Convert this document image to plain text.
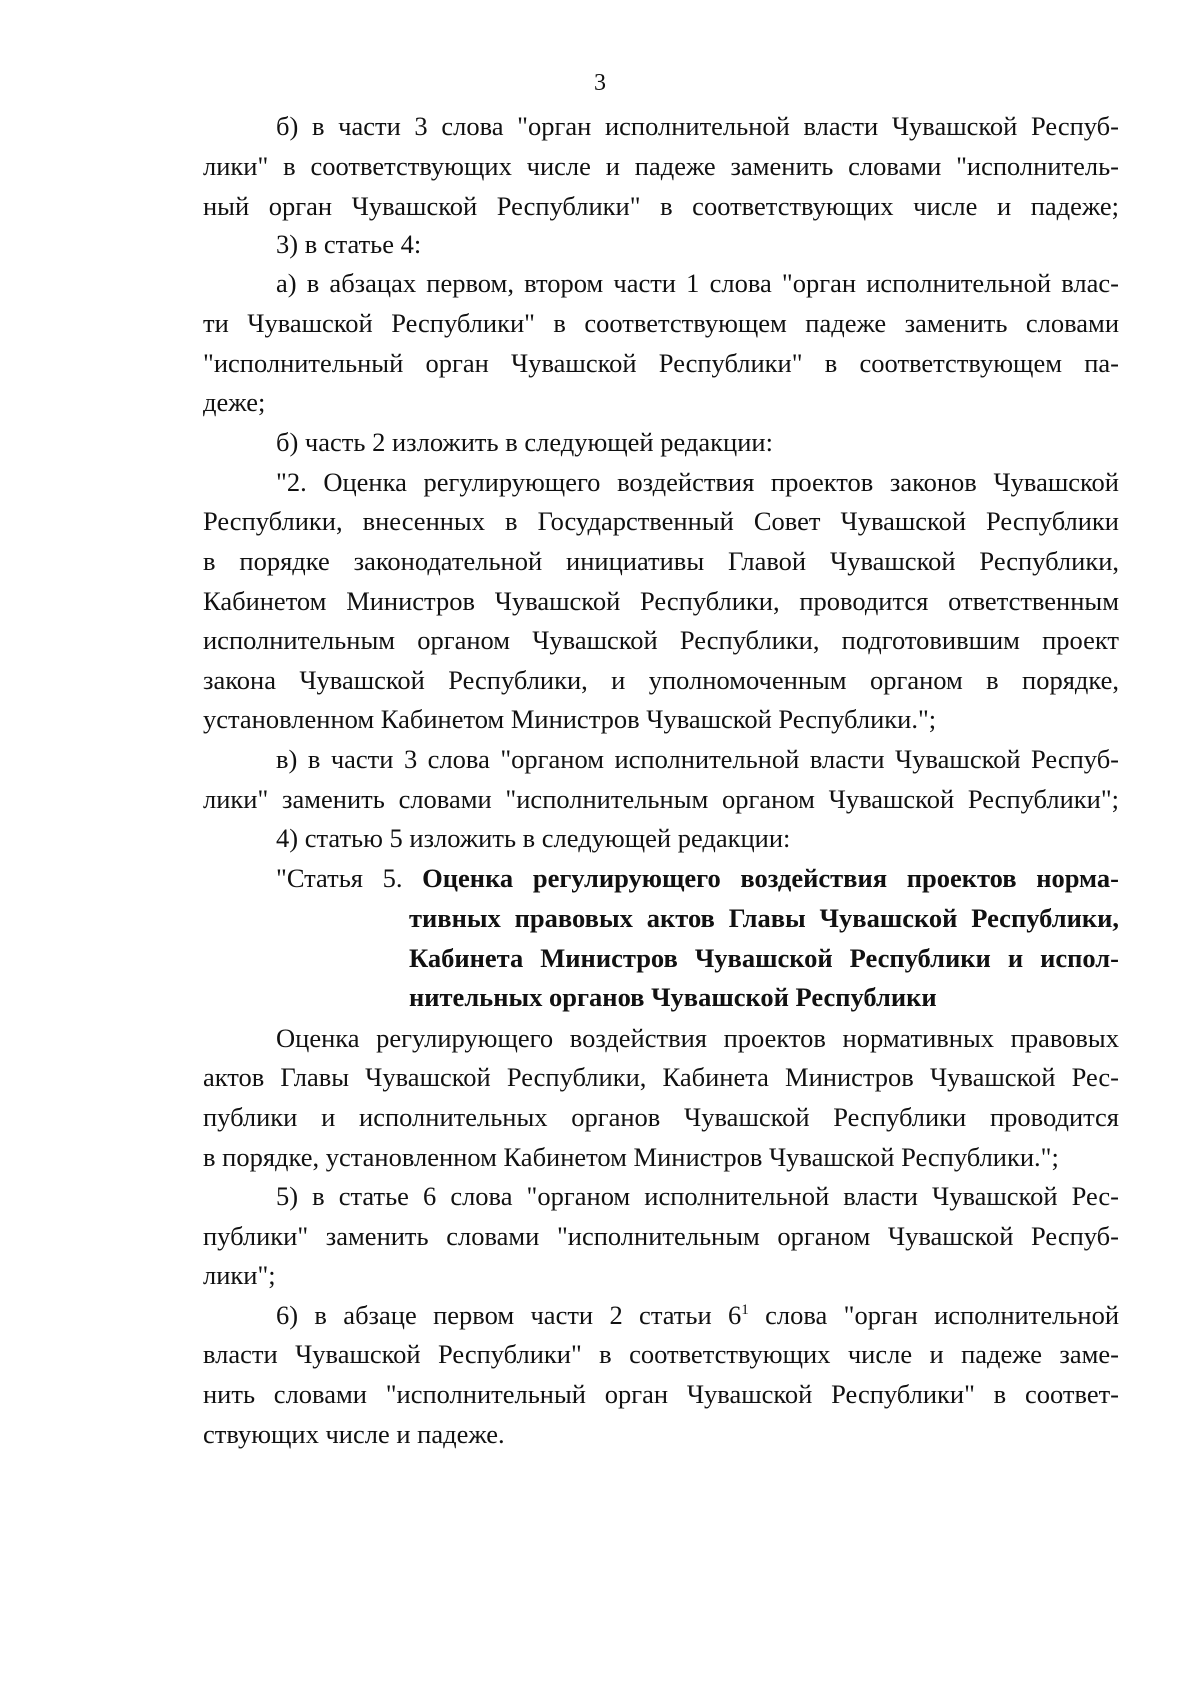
3
б) в части 3 слова "орган исполнительной власти Чувашской Респуб-
лики" в соответствующих числе и падеже заменить словами "исполнитель-
ный орган Чувашской Республики" в соответствующих числе и падеже;
3) в статье 4:
а) в абзацах первом, втором части 1 слова "орган исполнительной влас-
ти Чувашской Республики" в соответствующем падеже заменить словами
"исполнительный орган Чувашской Республики" в соответствующем па-
деже;
б) часть 2 изложить в следующей редакции:
"2. Оценка регулирующего воздействия проектов законов Чувашской
Республики, внесенных в Государственный Совет Чувашской Республики
в порядке законодательной инициативы Главой Чувашской Республики,
Кабинетом Министров Чувашской Республики, проводится ответственным
исполнительным органом Чувашской Республики, подготовившим проект
закона Чувашской Республики, и уполномоченным органом в порядке,
установленном Кабинетом Министров Чувашской Республики.";
в) в части 3 слова "органом исполнительной власти Чувашской Респуб-
лики" заменить словами "исполнительным органом Чувашской Республики";
4) статью 5 изложить в следующей редакции:
"Статья 5. Оценка регулирующего воздействия проектов норма-
тивных правовых актов Главы Чувашской Республики,
Кабинета Министров Чувашской Республики и испол-
нительных органов Чувашской Республики
Оценка регулирующего воздействия проектов нормативных правовых
актов Главы Чувашской Республики, Кабинета Министров Чувашской Рес-
публики и исполнительных органов Чувашской Республики проводится
в порядке, установленном Кабинетом Министров Чувашской Республики.";
5) в статье 6 слова "органом исполнительной власти Чувашской Рес-
публики" заменить словами "исполнительным органом Чувашской Респуб-
лики";
6) в абзаце первом части 2 статьи $6^1$ слова "орган исполнительной
власти Чувашской Республики" в соответствующих числе и падеже заме-
нить словами "исполнительный орган Чувашской Республики" в соответ-
ствующих числе и падеже.
